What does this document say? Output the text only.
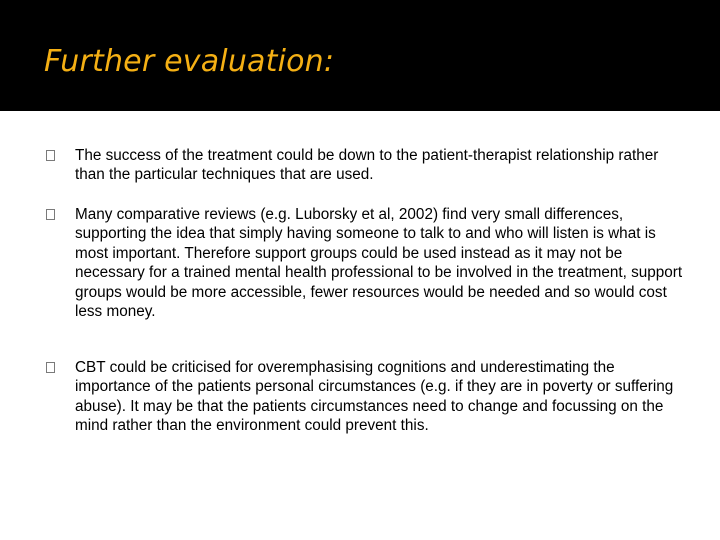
Further evaluation:

The success of the treatment could be down to the patient-therapist relationship rather than the particular techniques that are used.

Many comparative reviews (e.g. Luborsky et al, 2002) find very small differences, supporting the idea that simply having someone to talk to and who will listen is what is most important. Therefore support groups could be used instead as it may not be necessary for a trained mental health professional to be involved in the treatment, support groups would be more accessible, fewer resources would be needed and so would cost less money.

CBT could be criticised for overemphasising cognitions and underestimating the importance of the patients personal circumstances (e.g. if they are in poverty or suffering abuse). It may be that the patients circumstances need to change and focussing on the mind rather than the environment could prevent this.
